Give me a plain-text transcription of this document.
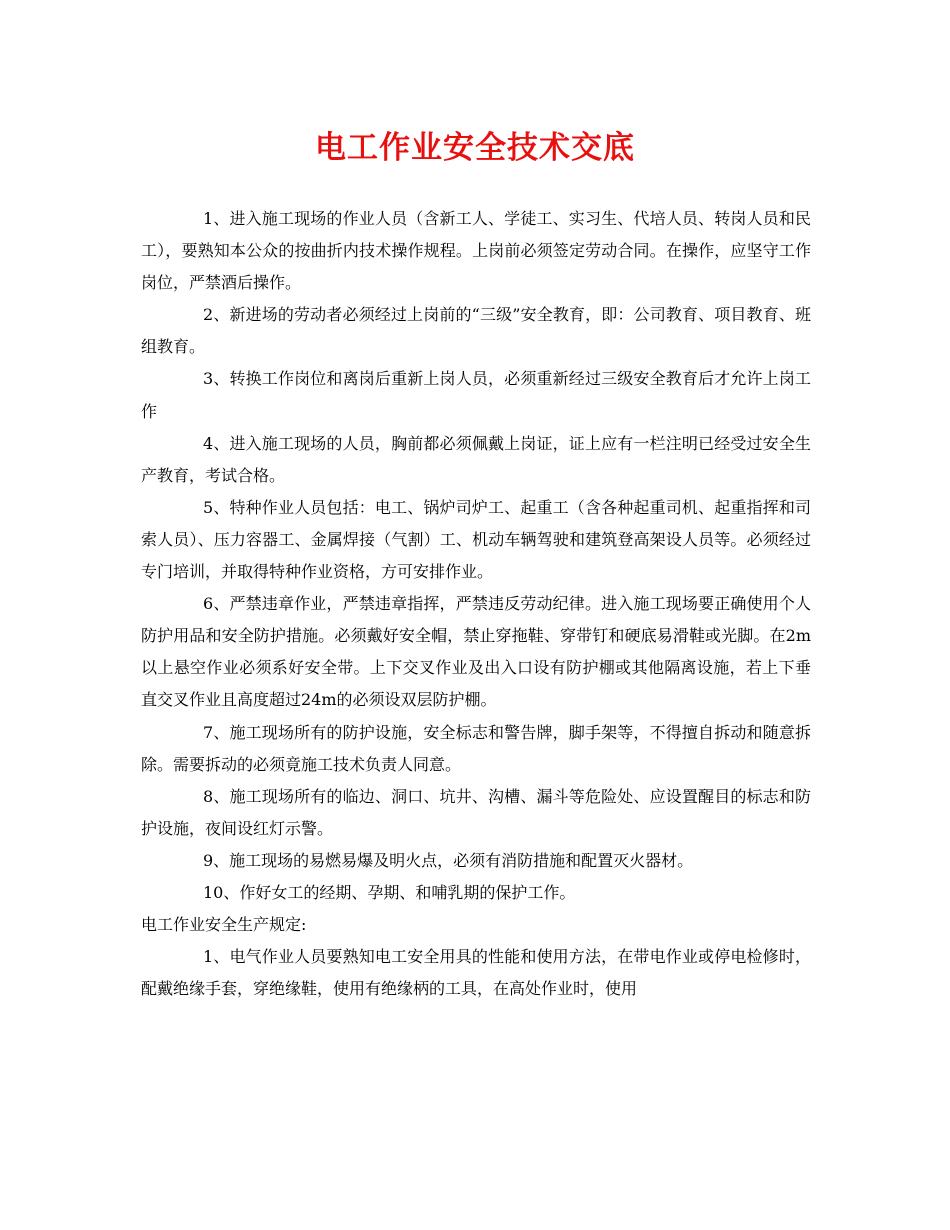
电工作业安全技术交底

1、进入施工现场的作业人员（含新工人、学徒工、实习生、代培人员、转岗人员和民工），要熟知本公众的按曲折内技术操作规程。上岗前必须签定劳动合同。在操作，应坚守工作岗位，严禁酒后操作。

2、新进场的劳动者必须经过上岗前的“三级”安全教育，即：公司教育、项目教育、班组教育。

3、转换工作岗位和离岗后重新上岗人员，必须重新经过三级安全教育后才允许上岗工作

4、进入施工现场的人员，胸前都必须佩戴上岗证，证上应有一栏注明已经受过安全生产教育，考试合格。

5、特种作业人员包括：电工、锅炉司炉工、起重工（含各种起重司机、起重指挥和司索人员）、压力容器工、金属焊接（气割）工、机动车辆驾驶和建筑登高架设人员等。必须经过专门培训，并取得特种作业资格，方可安排作业。

6、严禁违章作业，严禁违章指挥，严禁违反劳动纪律。进入施工现场要正确使用个人防护用品和安全防护措施。必须戴好安全帽，禁止穿拖鞋、穿带钉和硬底易滑鞋或光脚。在2m以上悬空作业必须系好安全带。上下交叉作业及出入口设有防护棚或其他隔离设施，若上下垂直交叉作业且高度超过24m的必须设双层防护棚。

7、施工现场所有的防护设施，安全标志和警告牌，脚手架等，不得擅自拆动和随意拆除。需要拆动的必须竟施工技术负责人同意。

8、施工现场所有的临边、洞口、坑井、沟槽、漏斗等危险处、应设置醒目的标志和防护设施，夜间设红灯示警。

9、施工现场的易燃易爆及明火点，必须有消防措施和配置灭火器材。

10、作好女工的经期、孕期、和哺乳期的保护工作。

电工作业安全生产规定:

1、电气作业人员要熟知电工安全用具的性能和使用方法，在带电作业或停电检修时，配戴绝缘手套，穿绝缘鞋，使用有绝缘柄的工具，在高处作业时，使用
